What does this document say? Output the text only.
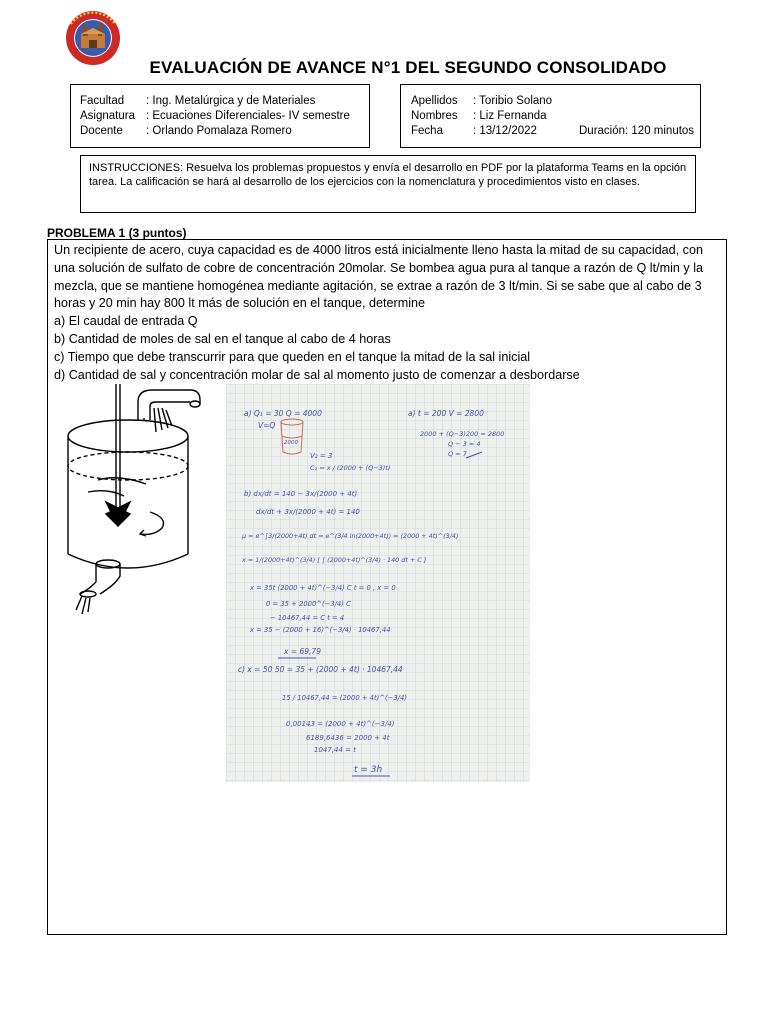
EVALUACIÓN DE AVANCE N°1 DEL SEGUNDO CONSOLIDADO
Facultad	: Ing. Metalúrgica y de Materiales
Asignatura : Ecuaciones Diferenciales- IV semestre
Docente	: Orlando Pomalaza Romero
Apellidos	: Toribio Solano
Nombres	: Liz Fernanda
Fecha	: 13/12/2022	Duración: 120 minutos
INSTRUCCIONES: Resuelva los problemas propuestos y envía el desarrollo en PDF por la plataforma Teams en la opción tarea. La calificación se hará al desarrollo de los ejercicios con la nomenclatura y procedimientos visto en clases.
PROBLEMA 1 (3 puntos)
Un recipiente de acero, cuya capacidad es de 4000 litros está inicialmente lleno hasta la mitad de su capacidad, con
una solución de sulfato de cobre de concentración 20molar. Se bombea agua pura al tanque a razón de Q lt/min y la
mezcla, que se mantiene homogénea mediante agitación, se extrae a razón de 3 lt/min. Si se sabe que al cabo de 3
horas y 20 min hay 800 lt más de solución en el tanque, determine
a) El caudal de entrada Q
b) Cantidad de moles de sal en el tanque al cabo de 4 horas
c) Tiempo que debe transcurrir para que queden en el tanque la mitad de la sal inicial
d) Cantidad de sal y concentración molar de sal al momento justo de comenzar a desbordarse
a) Q₁ = 30 Q = 4000
V=Q
2000
a) t = 200 V = 2800
2000 + (Q−3)200 = 2800
Q − 3 = 4
Q = 7
V₂ = 3
C₂ = x / (2000 + (Q−3)t)
b) dx/dt = 140 − 3x/(2000 + 4t)
dx/dt + 3x/(2000 + 4t) = 140
μ = e^∫3/(2000+4t) dt = e^(3/4 ln(2000+4t)) = (2000 + 4t)^(3/4)
x = 1/(2000+4t)^(3/4) [ ∫ (2000+4t)^(3/4) · 140 dt + C ]
x = 35t (2000 + 4t)^(−3/4) C t = 0 , x = 0
0 = 35 + 2000^(−3/4) C
− 10467,44 = C t = 4
x = 35 − (2000 + 16)^(−3/4) · 10467,44
x = 69,79
c) x = 50 50 = 35 + (2000 + 4t) · 10467,44
15 / 10467,44 = (2000 + 4t)^(−3/4)
0,00143 = (2000 + 4t)^(−3/4)
6189,6436 = 2000 + 4t
1047,44 = t
t = 3h
